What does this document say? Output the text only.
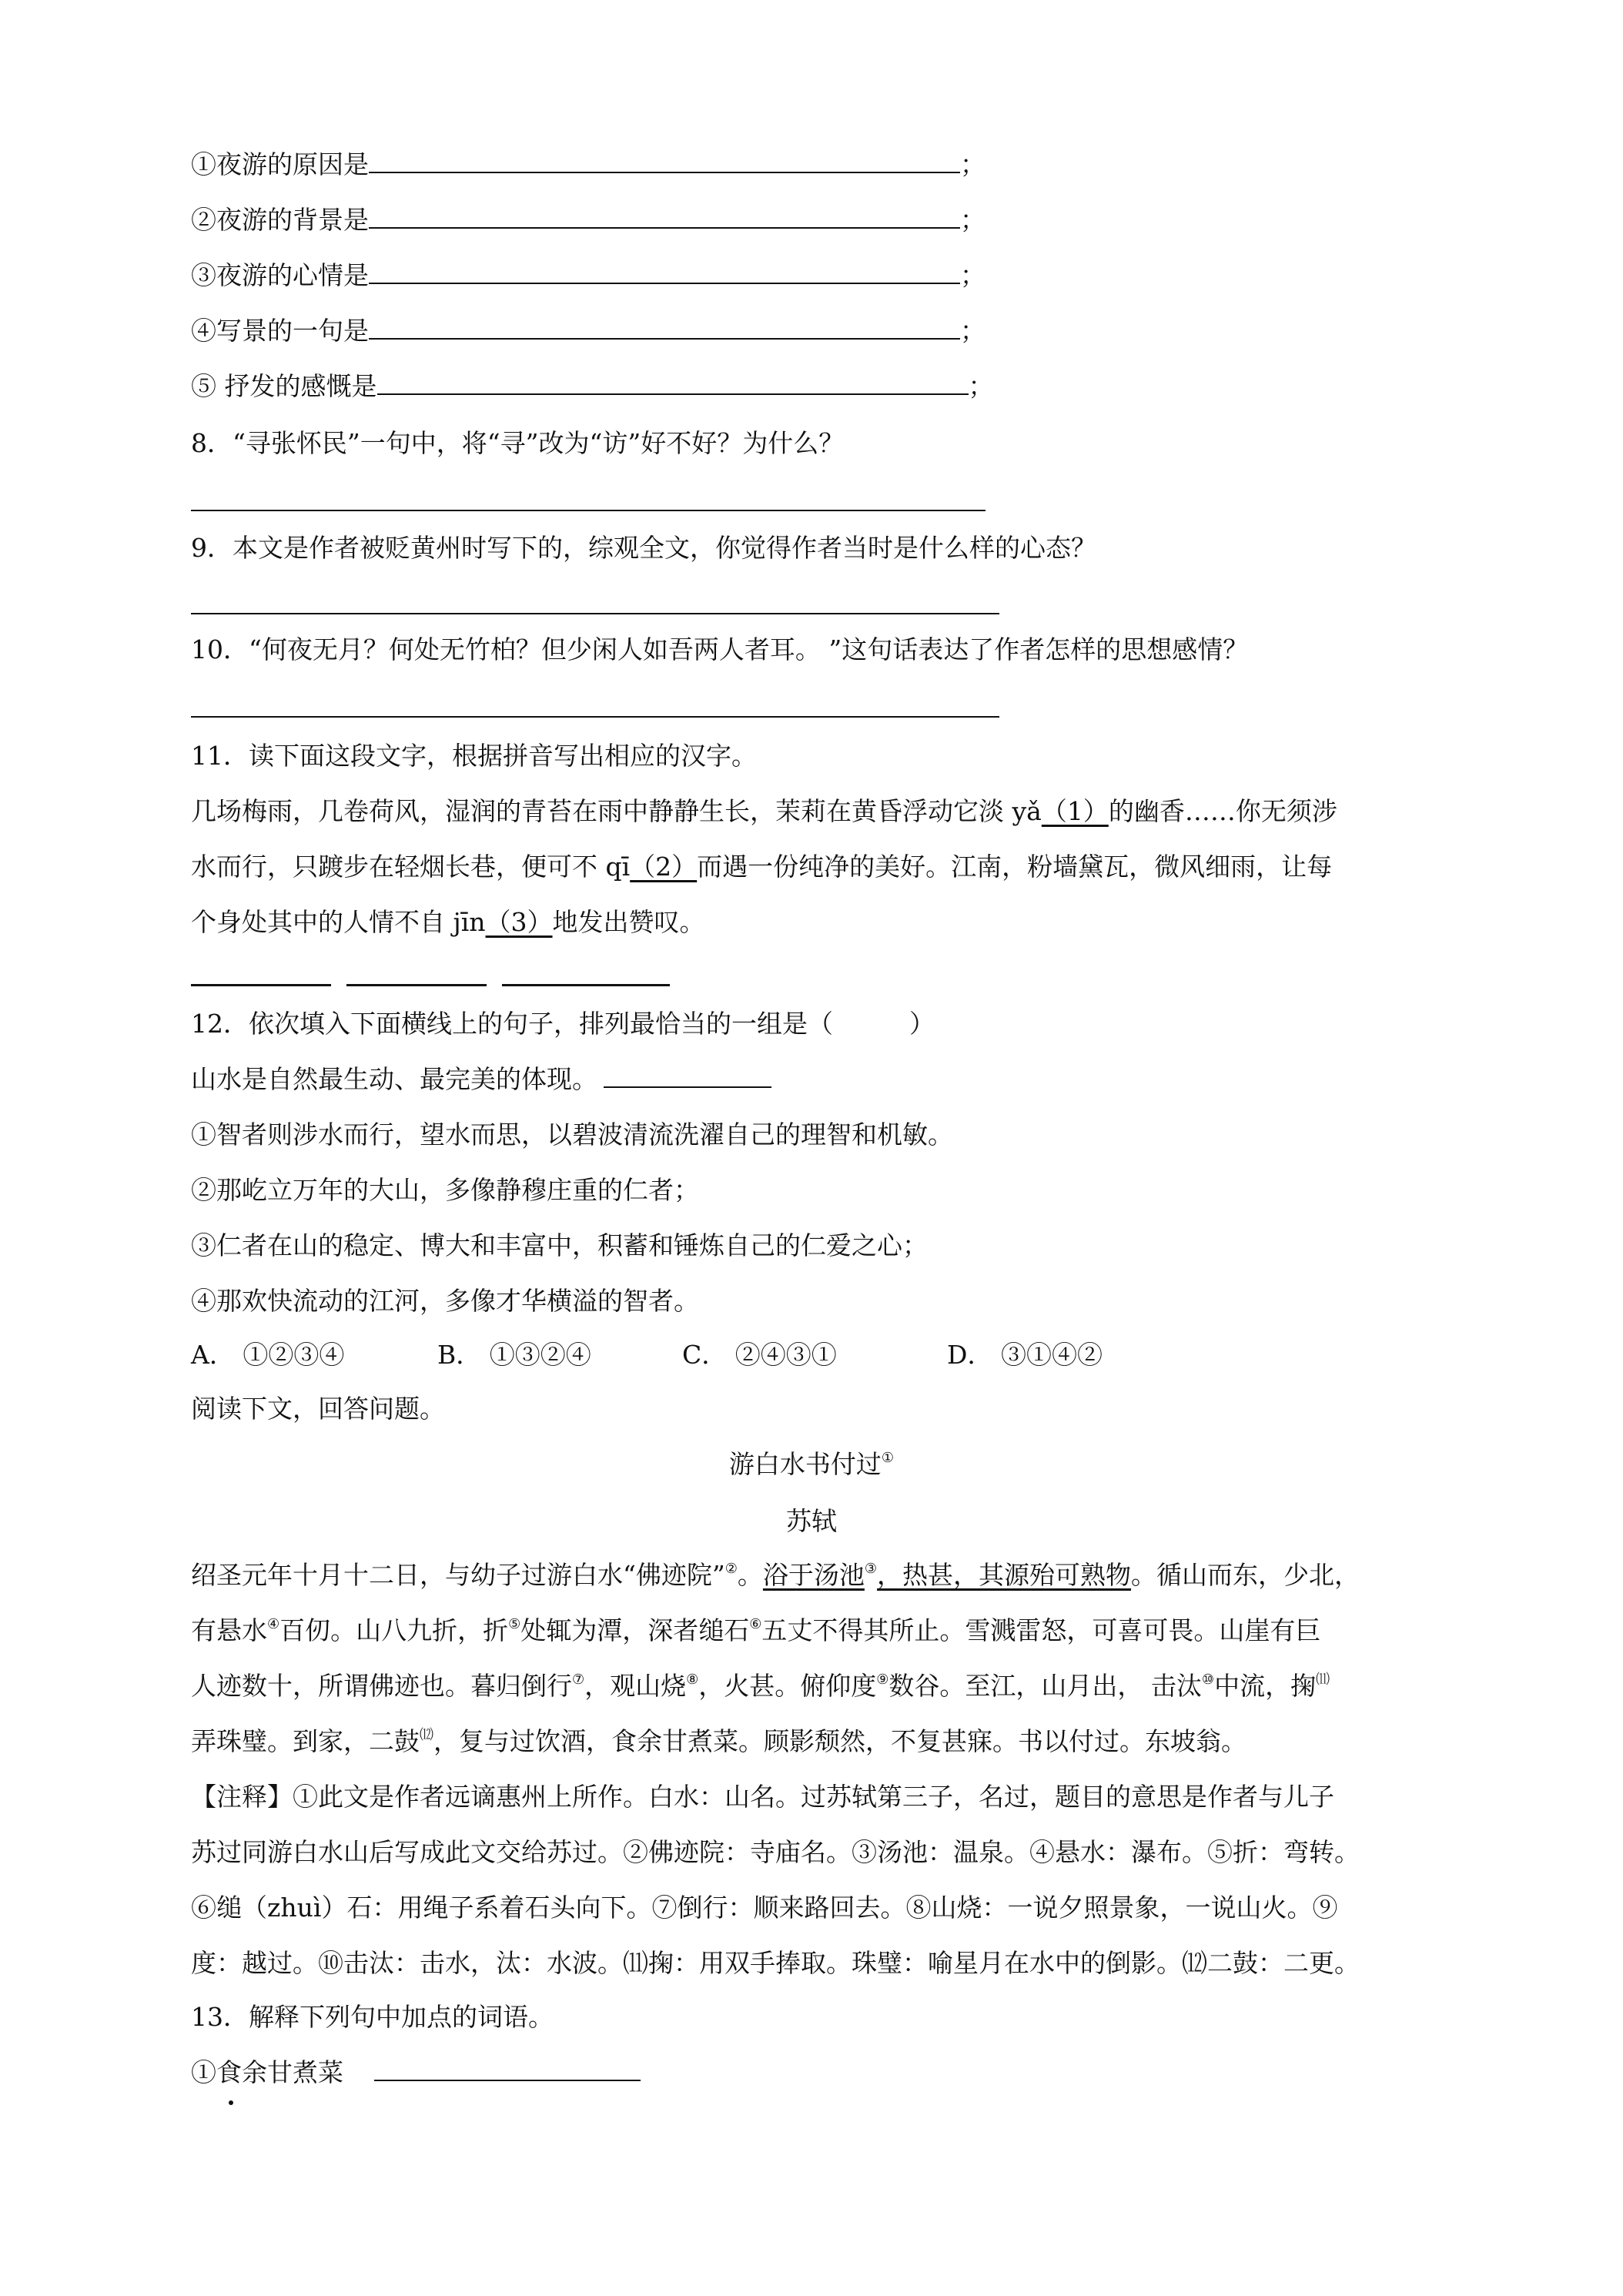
①夜游的原因是	；
②夜游的背景是	；
③夜游的心情是	；
④写景的一句是	；
⑤ 抒发的感慨是	；
8．“寻张怀民”一句中，将“寻”改为“访”好不好？为什么？
9．本文是作者被贬黄州时写下的，综观全文，你觉得作者当时是什么样的心态？
10．“何夜无月？何处无竹柏？但少闲人如吾两人者耳。 ”这句话表达了作者怎样的思想感情？
11．读下面这段文字，根据拼音写出相应的汉字。
几场梅雨，几卷荷风，湿润的青苔在雨中静静生长，茉莉在黄昏浮动它淡 yǎ（1）的幽香……你无须涉
水而行，只踱步在轻烟长巷，便可不 qī（2）而遇一份纯净的美好。江南，粉墙黛瓦，微风细雨，让每
个身处其中的人情不自 jīn（3）地发出赞叹。
12．依次填入下面横线上的句子，排列最恰当的一组是（　　　）
山水是自然最生动、最完美的体现。
①智者则涉水而行，望水而思，以碧波清流洗濯自己的理智和机敏。
②那屹立万年的大山，多像静穆庄重的仁者；
③仁者在山的稳定、博大和丰富中，积蓄和锤炼自己的仁爱之心；
④那欢快流动的江河，多像才华横溢的智者。
A． ①②③④	B． ①③②④	C． ②④③①	D． ③①④②
阅读下文，回答问题。
游白水书付过①
苏轼
绍圣元年十月十二日，与幼子过游白水“佛迹院”②。浴于汤池③，热甚，其源殆可熟物。循山而东，少北，
有悬水④百仞。山八九折，折⑤处辄为潭，深者缒石⑥五丈不得其所止。雪溅雷怒，可喜可畏。山崖有巨
人迹数十，所谓佛迹也。暮归倒行⑦，观山烧⑧，火甚。俯仰度⑨数谷。至江，山月出， 击汰⑩中流，掬⑾
弄珠璧。到家，二鼓⑿，复与过饮酒，食余甘煮菜。顾影颓然，不复甚寐。书以付过。东坡翁。
【注释】①此文是作者远谪惠州上所作。白水：山名。过苏轼第三子，名过，题目的意思是作者与儿子
苏过同游白水山后写成此文交给苏过。②佛迹院：寺庙名。③汤池：温泉。④悬水：瀑布。⑤折：弯转。
⑥缒（zhuì）石：用绳子系着石头向下。⑦倒行：顺来路回去。⑧山烧：一说夕照景象，一说山火。⑨
度：越过。⑩击汰：击水，汰：水波。⑾掬：用双手捧取。珠璧：喻星月在水中的倒影。⑿二鼓：二更。
13．解释下列句中加点的词语。
①食余甘煮菜
